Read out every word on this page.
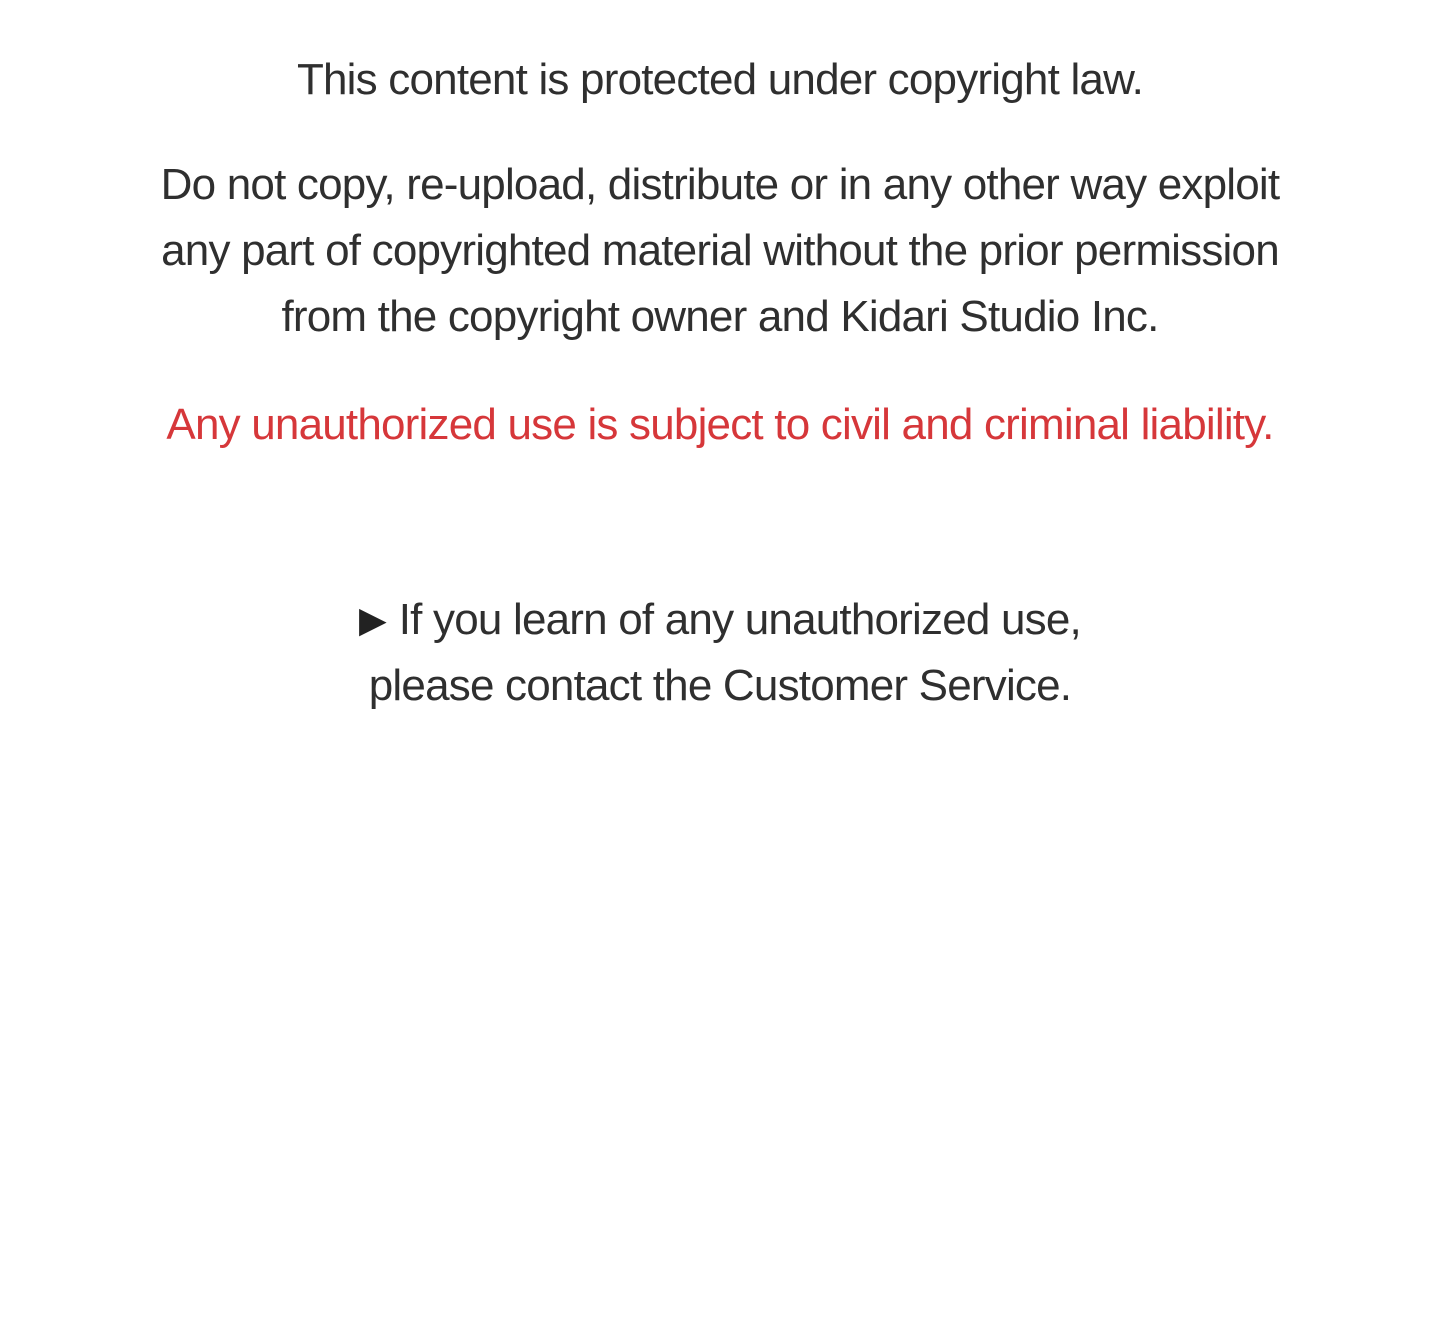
This content is protected under copyright law.

Do not copy, re-upload, distribute or in any other way exploit
any part of copyrighted material without the prior permission
from the copyright owner and Kidari Studio Inc.

Any unauthorized use is subject to civil and criminal liability.

▶ If you learn of any unauthorized use,
please contact the Customer Service.
